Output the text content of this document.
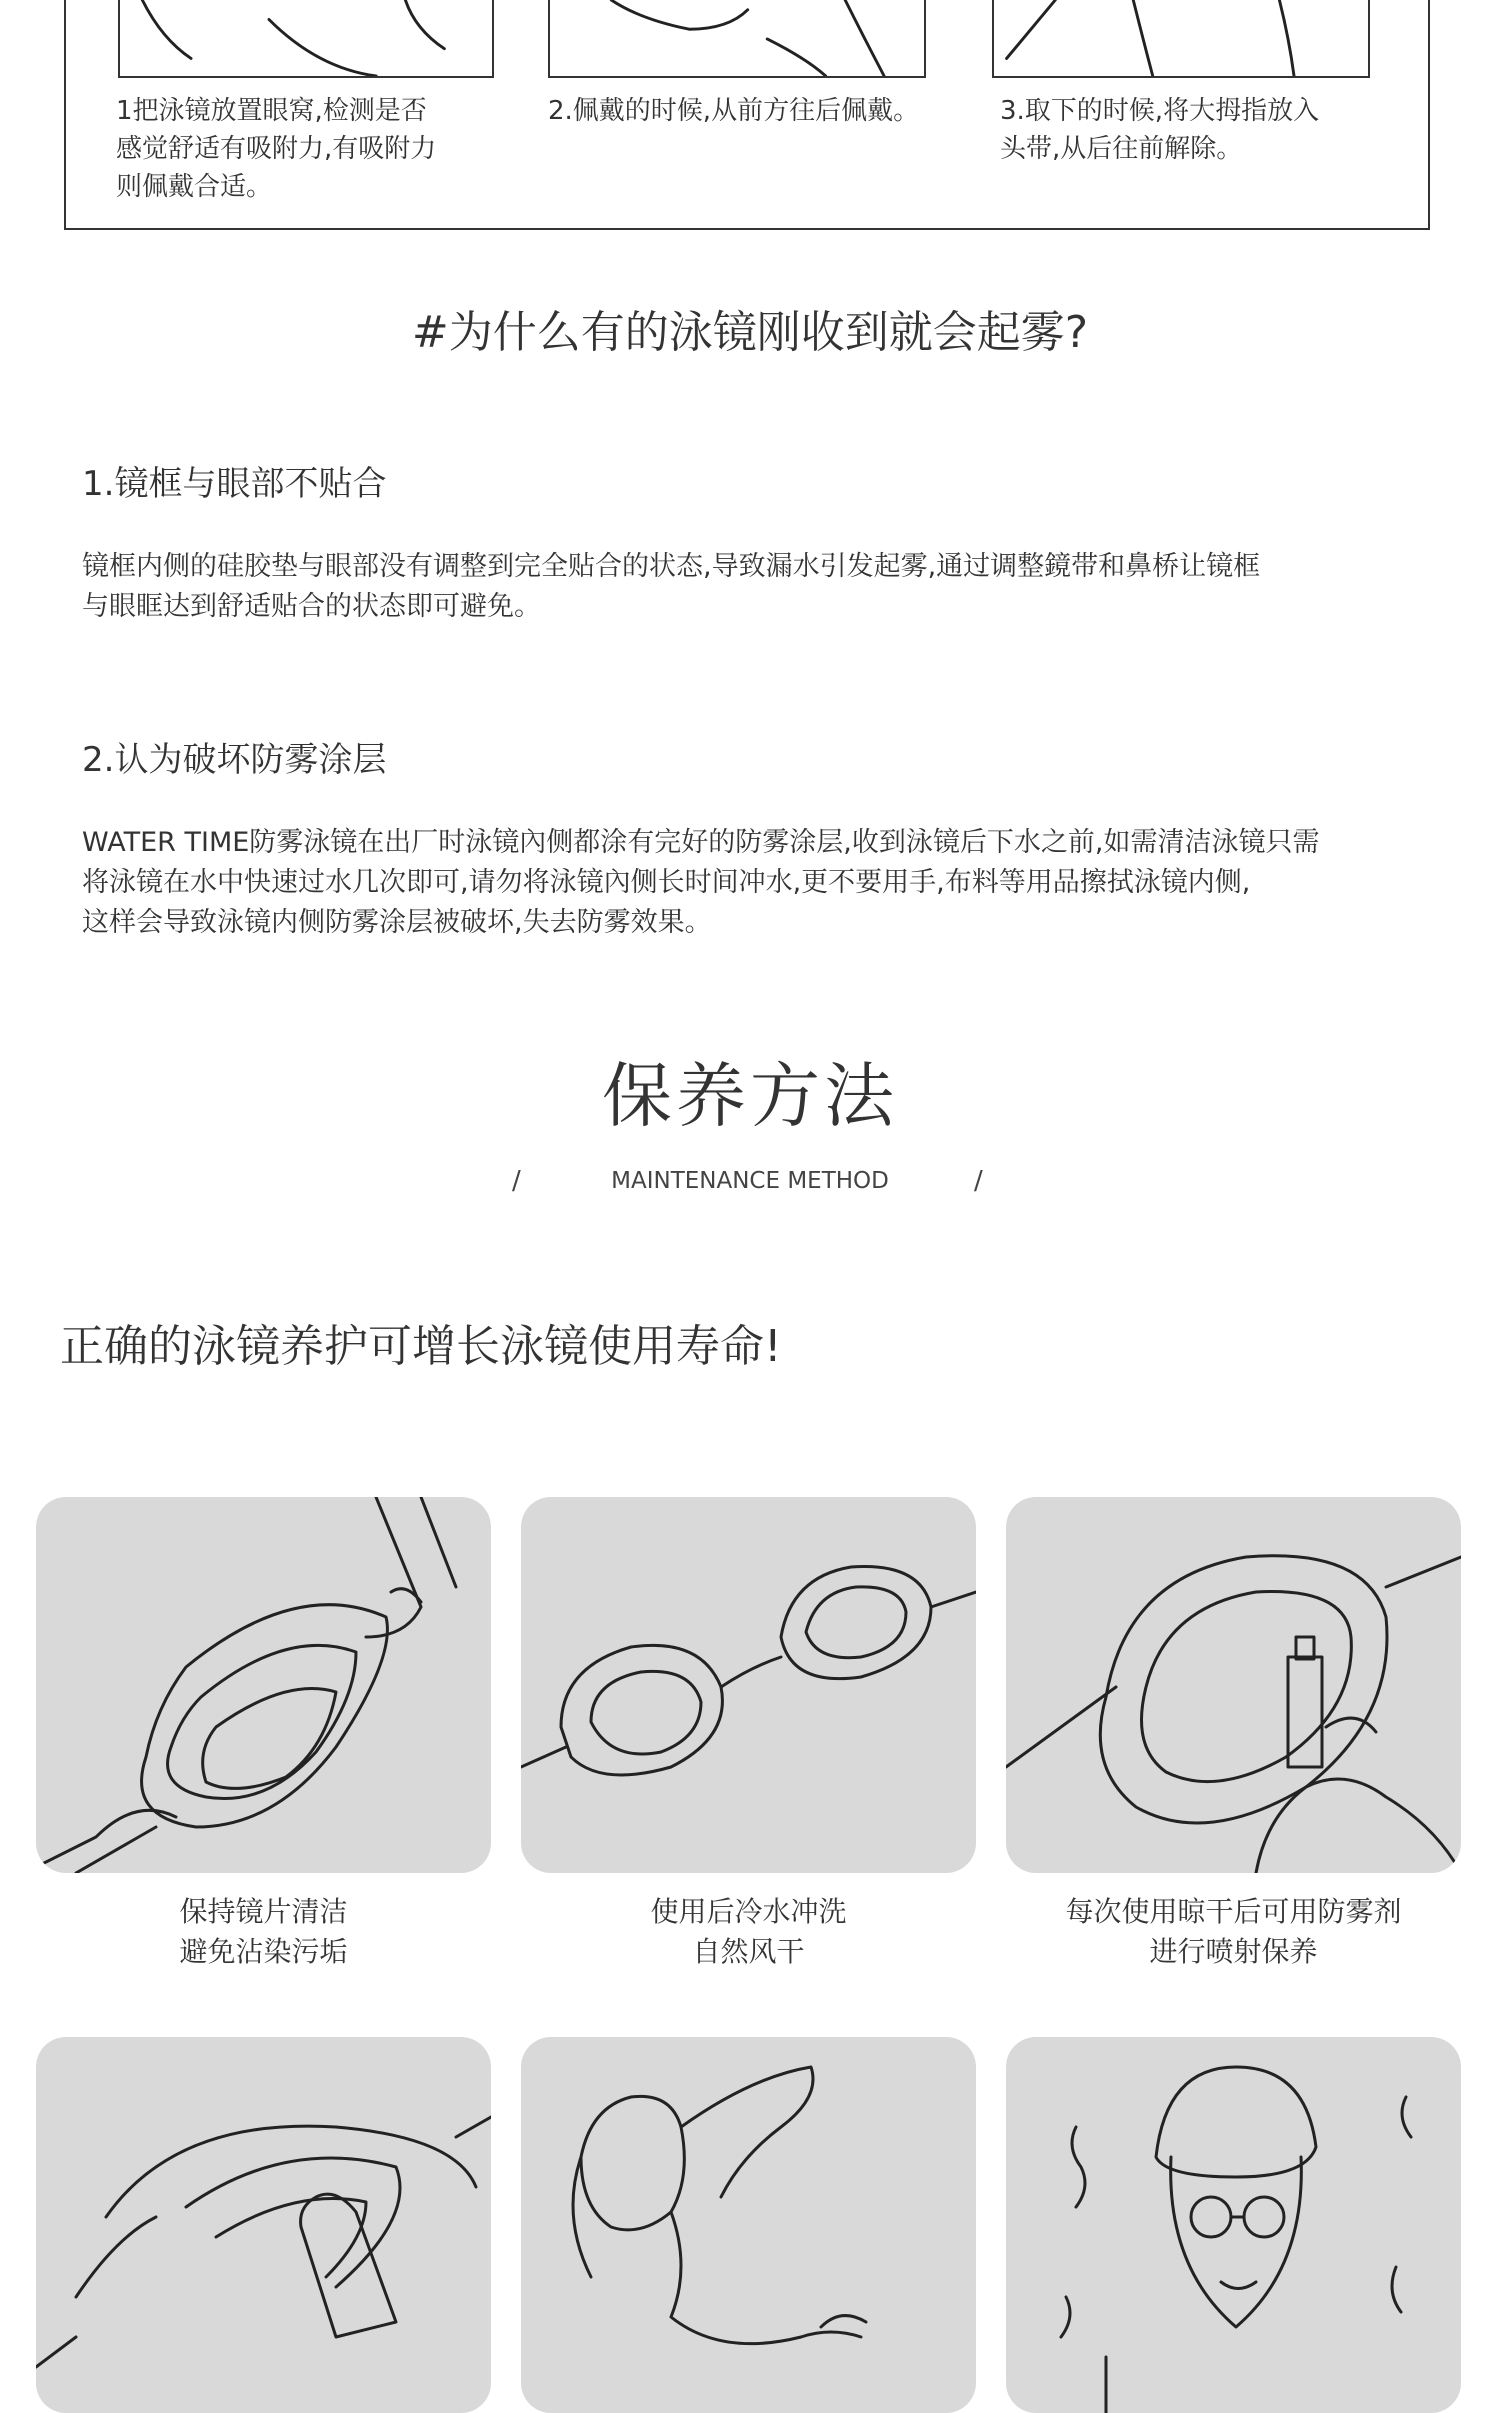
1把泳镜放置眼窝,检测是否
感觉舒适有吸附力,有吸附力
则佩戴合适。
2.佩戴的时候,从前方往后佩戴。	3.取下的时候,将大拇指放入
头带,从后往前解除。
#为什么有的泳镜刚收到就会起雾?
1.镜框与眼部不贴合
镜框内侧的硅胶垫与眼部没有调整到完全贴合的状态,导致漏水引发起雾,通过调整鏡带和鼻桥让镜框
与眼眶达到舒适贴合的状态即可避免。
2.认为破坏防雾涂层
WATER TIME防雾泳镜在出厂时泳镜內侧都涂有完好的防雾涂层,收到泳镜后下水之前,如需清洁泳镜只需
将泳镜在水中快速过水几次即可,请勿将泳镜內侧长时间冲水,更不要用手,布料等用品擦拭泳镜内侧,
这样会导致泳镜内侧防雾涂层被破坏,失去防雾效果。
保养方法
/	MAINTENANCE METHOD	/
正确的泳镜养护可增长泳镜使用寿命!
保持镜片清洁
避免沾染污垢
使用后冷水冲洗
自然风干
每次使用晾干后可用防雾剂
进行喷射保养
